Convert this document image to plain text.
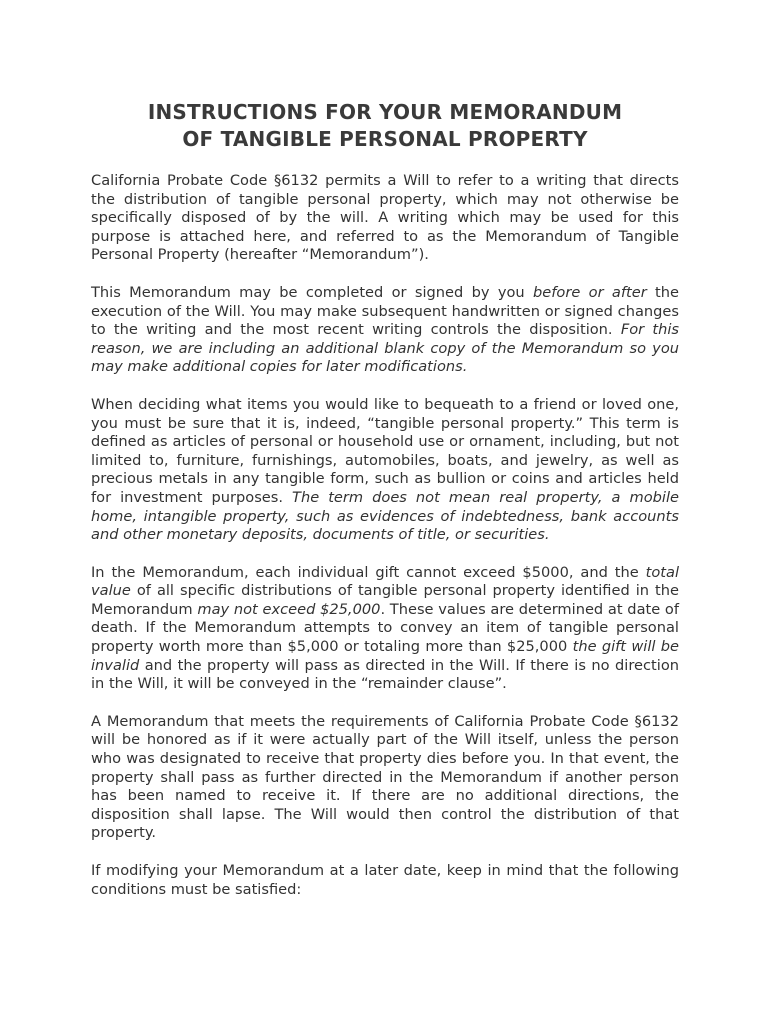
INSTRUCTIONS FOR YOUR MEMORANDUM
OF TANGIBLE PERSONAL PROPERTY

California Probate Code §6132 permits a Will to refer to a writing that directs the distribution of tangible personal property, which may not otherwise be specifically disposed of by the will. A writing which may be used for this purpose is attached here, and referred to as the Memorandum of Tangible Personal Property (hereafter “Memorandum”).

This Memorandum may be completed or signed by you before or after the execution of the Will. You may make subsequent handwritten or signed changes to the writing and the most recent writing controls the disposition. For this reason, we are including an additional blank copy of the Memorandum so you may make additional copies for later modifications.

When deciding what items you would like to bequeath to a friend or loved one, you must be sure that it is, indeed, “tangible personal property.” This term is defined as articles of personal or household use or ornament, including, but not limited to, furniture, furnishings, automobiles, boats, and jewelry, as well as precious metals in any tangible form, such as bullion or coins and articles held for investment purposes. The term does not mean real property, a mobile home, intangible property, such as evidences of indebtedness, bank accounts and other monetary deposits, documents of title, or securities.

In the Memorandum, each individual gift cannot exceed $5000, and the total value of all specific distributions of tangible personal property identified in the Memorandum may not exceed $25,000. These values are determined at date of death. If the Memorandum attempts to convey an item of tangible personal property worth more than $5,000 or totaling more than $25,000 the gift will be invalid and the property will pass as directed in the Will. If there is no direction in the Will, it will be conveyed in the “remainder clause”.

A Memorandum that meets the requirements of California Probate Code §6132 will be honored as if it were actually part of the Will itself, unless the person who was designated to receive that property dies before you. In that event, the property shall pass as further directed in the Memorandum if another person has been named to receive it. If there are no additional directions, the disposition shall lapse. The Will would then control the distribution of that property.

If modifying your Memorandum at a later date, keep in mind that the following conditions must be satisfied:
